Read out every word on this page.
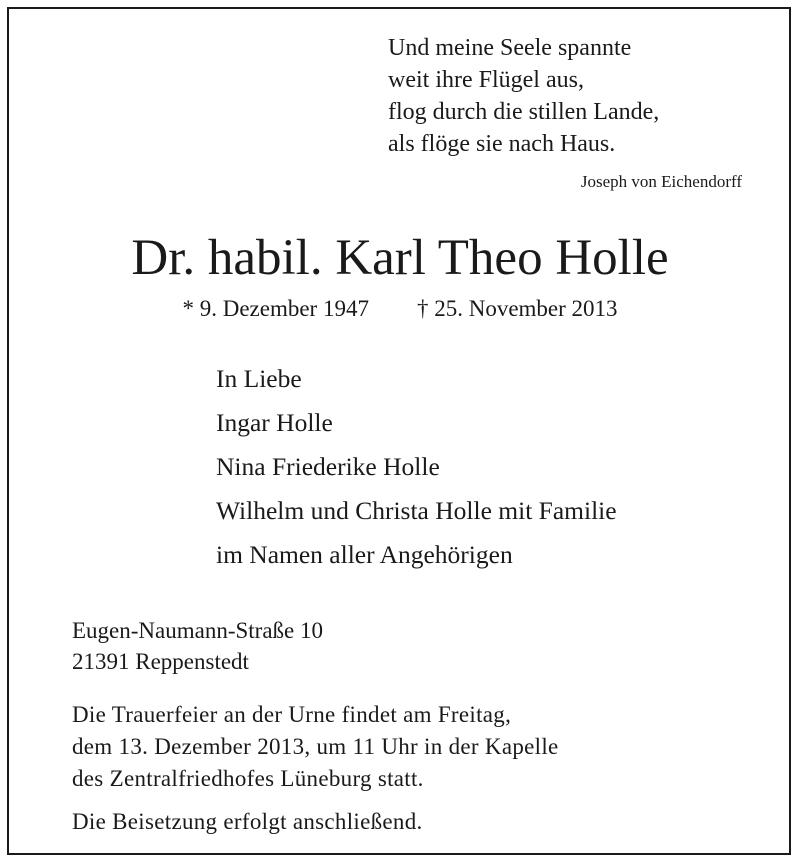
Und meine Seele spannte
weit ihre Flügel aus,
flog durch die stillen Lande,
als flöge sie nach Haus.
Joseph von Eichendorff
Dr. habil. Karl Theo Holle
* 9. Dezember 1947 † 25. November 2013
In Liebe
Ingar Holle
Nina Friederike Holle
Wilhelm und Christa Holle mit Familie
im Namen aller Angehörigen
Eugen-Naumann-Straße 10
21391 Reppenstedt
Die Trauerfeier an der Urne findet am Freitag,
dem 13. Dezember 2013, um 11 Uhr in der Kapelle
des Zentralfriedhofes Lüneburg statt.
Die Beisetzung erfolgt anschließend.
